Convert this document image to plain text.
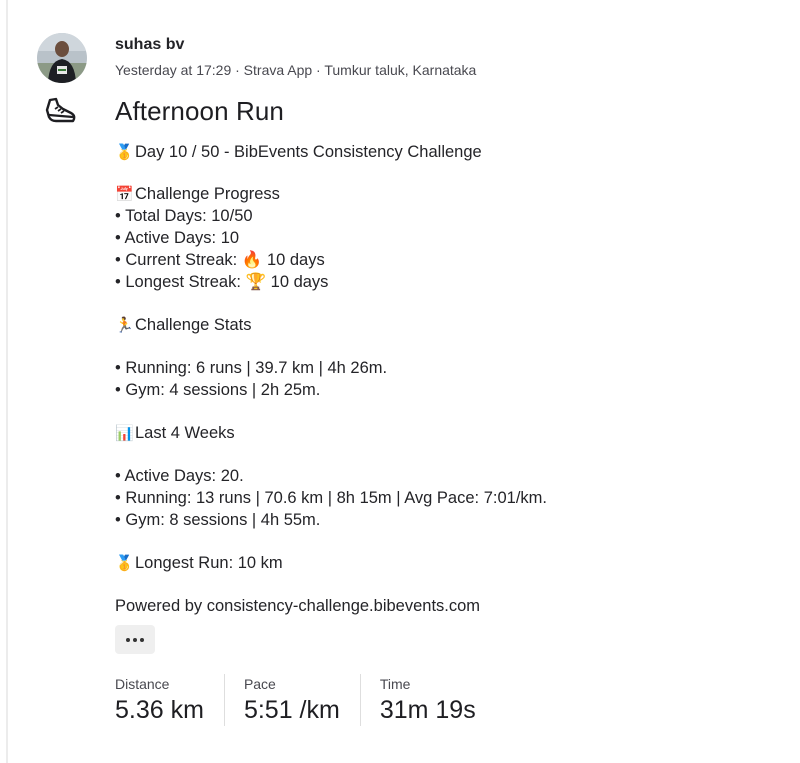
suhas bv
Yesterday at 17:29 · Strava App · Tumkur taluk, Karnataka
Afternoon Run
🥇Day 10 / 50 - BibEvents Consistency Challenge
📅Challenge Progress
• Total Days: 10/50
• Active Days: 10
• Current Streak: 🔥 10 days
• Longest Streak: 🏆 10 days
🏃Challenge Stats
• Running: 6 runs | 39.7 km | 4h 26m.
• Gym: 4 sessions | 2h 25m.
📊Last 4 Weeks
• Active Days: 20.
• Running: 13 runs | 70.6 km | 8h 15m | Avg Pace: 7:01/km.
• Gym: 8 sessions | 4h 55m.
🥇Longest Run: 10 km
Powered by consistency-challenge.bibevents.com
Distance
5.36 km
Pace
5:51 /km
Time
31m 19s
